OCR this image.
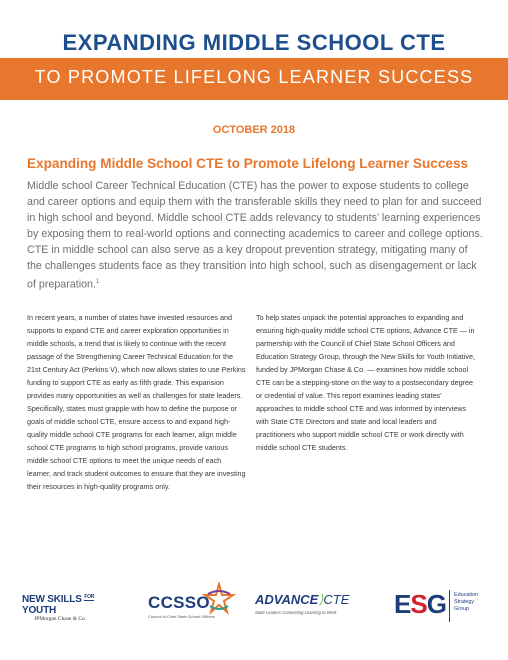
EXPANDING MIDDLE SCHOOL CTE
TO PROMOTE LIFELONG LEARNER SUCCESS
OCTOBER 2018
Expanding Middle School CTE to Promote Lifelong Learner Success
Middle school Career Technical Education (CTE) has the power to expose students to college and career options and equip them with the transferable skills they need to plan for and succeed in high school and beyond. Middle school CTE adds relevancy to students’ learning experiences by exposing them to real-world options and connecting academics to career and college options. CTE in middle school can also serve as a key dropout prevention strategy, mitigating many of the challenges students face as they transition into high school, such as disengagement or lack of preparation.$^1$
In recent years, a number of states have invested resources and supports to expand CTE and career exploration opportunities in middle schools, a trend that is likely to continue with the recent passage of the Strengthening Career Technical Education for the 21st Century Act (Perkins V), which now allows states to use Perkins funding to support CTE as early as fifth grade. This expansion provides many opportunities as well as challenges for state leaders. Specifically, states must grapple with how to define the purpose or goals of middle school CTE, ensure access to and expand high-quality middle school CTE programs for each learner, align middle school CTE programs to high school programs, provide various middle school CTE options to meet the unique needs of each learner, and track student outcomes to ensure that they are investing their resources in high-quality programs only.
To help states unpack the potential approaches to expanding and ensuring high-quality middle school CTE options, Advance CTE — in partnership with the Council of Chief State School Officers and Education Strategy Group, through the New Skills for Youth Initiative, funded by JPMorgan Chase & Co. — examines how middle school CTE can be a stepping-stone on the way to a postsecondary degree or credential of value. This report examines leading states’ approaches to middle school CTE and was informed by interviews with State CTE Directors and state and local leaders and practitioners who support middle school CTE or work directly with middle school CTE students.
NEW SKILLS $^{FOR}$ YOUTH
JPMorgan Chase & Co.
CCSSO
Council of Chief State School Officers
ADVANCE⟩CTE
State Leaders Connecting Learning to Work	ESG Education
Strategy
Group
